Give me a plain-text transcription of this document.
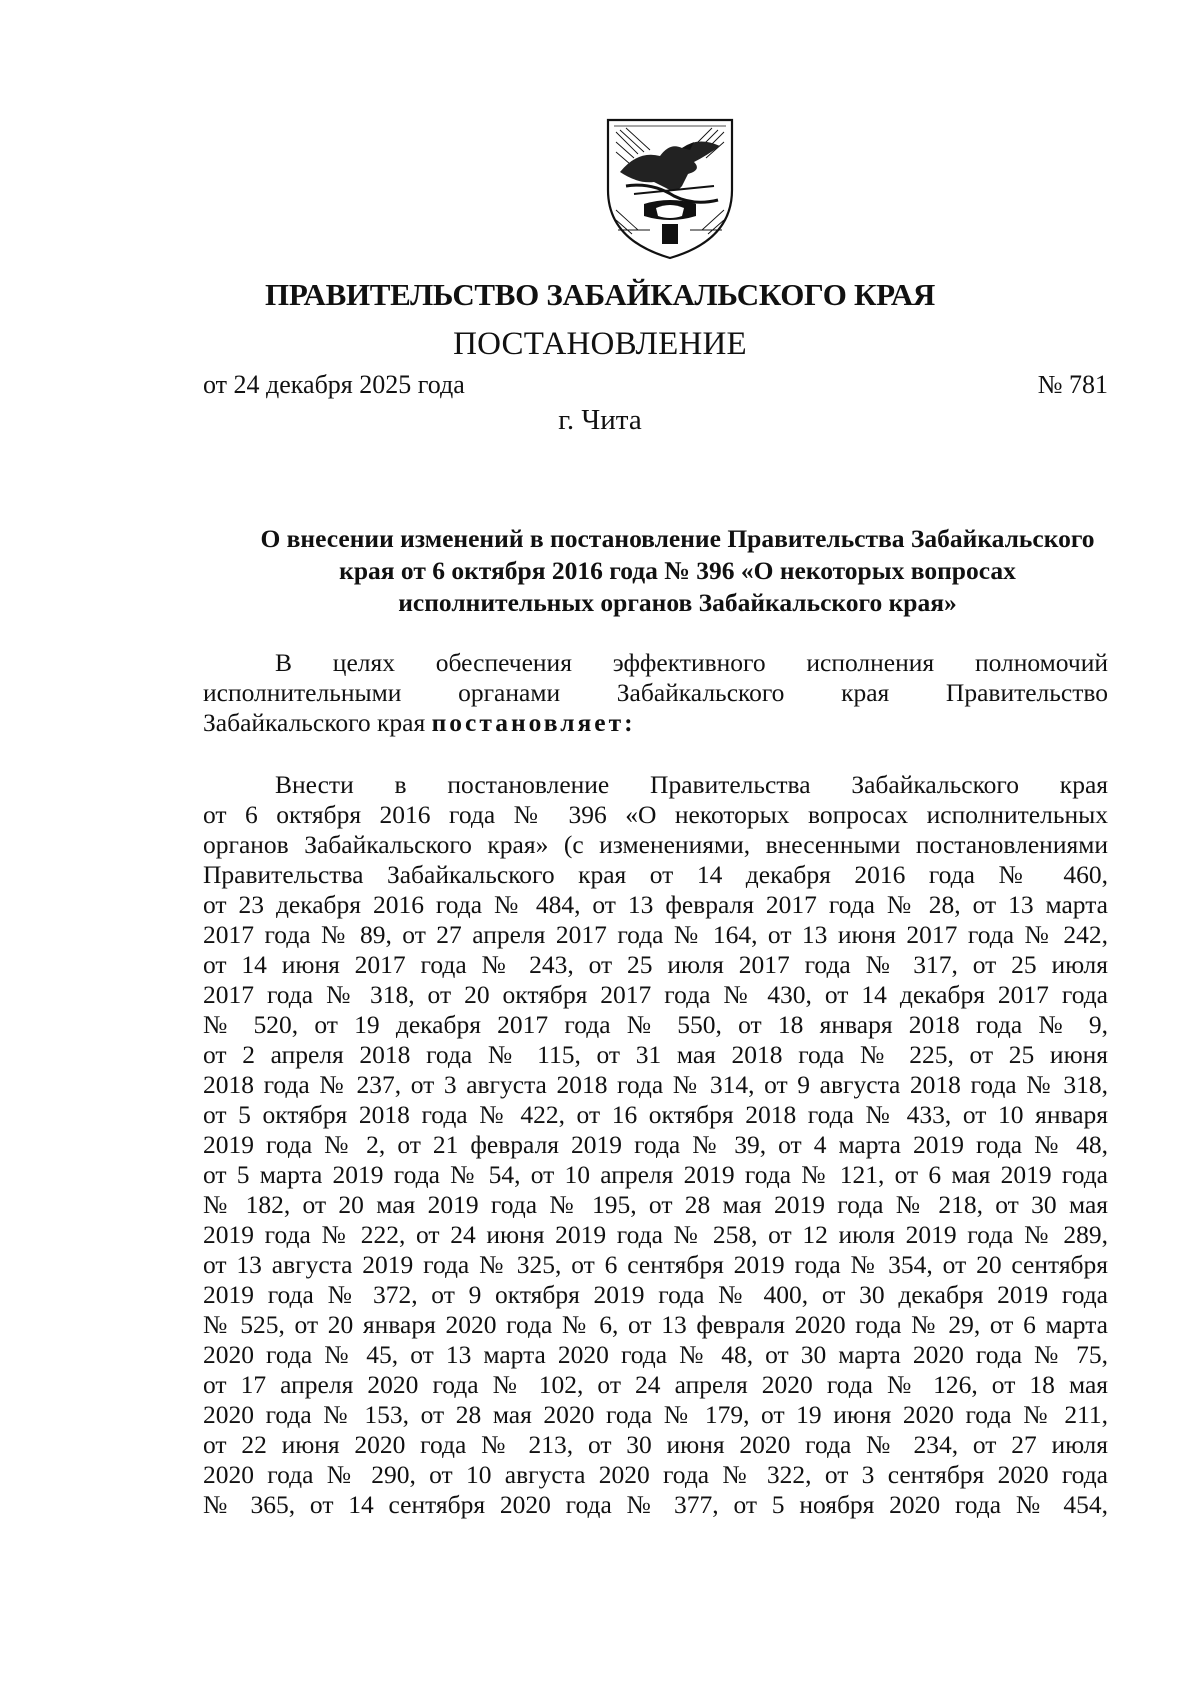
ПРАВИТЕЛЬСТВО ЗАБАЙКАЛЬСКОГО КРАЯ
ПОСТАНОВЛЕНИЕ
от 24 декабря 2025 года	№ 781
г. Чита
О внесении изменений в постановление Правительства Забайкальского
края от 6 октября 2016 года № 396 «О некоторых вопросах
исполнительных органов Забайкальского края»
В целях обеспечения эффективного исполнения полномочий
исполнительными органами Забайкальского края Правительство
Забайкальского края постановляет:
Внести в постановление Правительства Забайкальского края
от 6 октября 2016 года № 396 «О некоторых вопросах исполнительных
органов Забайкальского края» (с изменениями, внесенными постановлениями
Правительства Забайкальского края от 14 декабря 2016 года № 460,
от 23 декабря 2016 года № 484, от 13 февраля 2017 года № 28, от 13 марта
2017 года № 89, от 27 апреля 2017 года № 164, от 13 июня 2017 года № 242,
от 14 июня 2017 года № 243, от 25 июля 2017 года № 317, от 25 июля
2017 года № 318, от 20 октября 2017 года № 430, от 14 декабря 2017 года
№ 520, от 19 декабря 2017 года № 550, от 18 января 2018 года № 9,
от 2 апреля 2018 года № 115, от 31 мая 2018 года № 225, от 25 июня
2018 года № 237, от 3 августа 2018 года № 314, от 9 августа 2018 года № 318,
от 5 октября 2018 года № 422, от 16 октября 2018 года № 433, от 10 января
2019 года № 2, от 21 февраля 2019 года № 39, от 4 марта 2019 года № 48,
от 5 марта 2019 года № 54, от 10 апреля 2019 года № 121, от 6 мая 2019 года
№ 182, от 20 мая 2019 года № 195, от 28 мая 2019 года № 218, от 30 мая
2019 года № 222, от 24 июня 2019 года № 258, от 12 июля 2019 года № 289,
от 13 августа 2019 года № 325, от 6 сентября 2019 года № 354, от 20 сентября
2019 года № 372, от 9 октября 2019 года № 400, от 30 декабря 2019 года
№ 525, от 20 января 2020 года № 6, от 13 февраля 2020 года № 29, от 6 марта
2020 года № 45, от 13 марта 2020 года № 48, от 30 марта 2020 года № 75,
от 17 апреля 2020 года № 102, от 24 апреля 2020 года № 126, от 18 мая
2020 года № 153, от 28 мая 2020 года № 179, от 19 июня 2020 года № 211,
от 22 июня 2020 года № 213, от 30 июня 2020 года № 234, от 27 июля
2020 года № 290, от 10 августа 2020 года № 322, от 3 сентября 2020 года
№ 365, от 14 сентября 2020 года № 377, от 5 ноября 2020 года № 454,
